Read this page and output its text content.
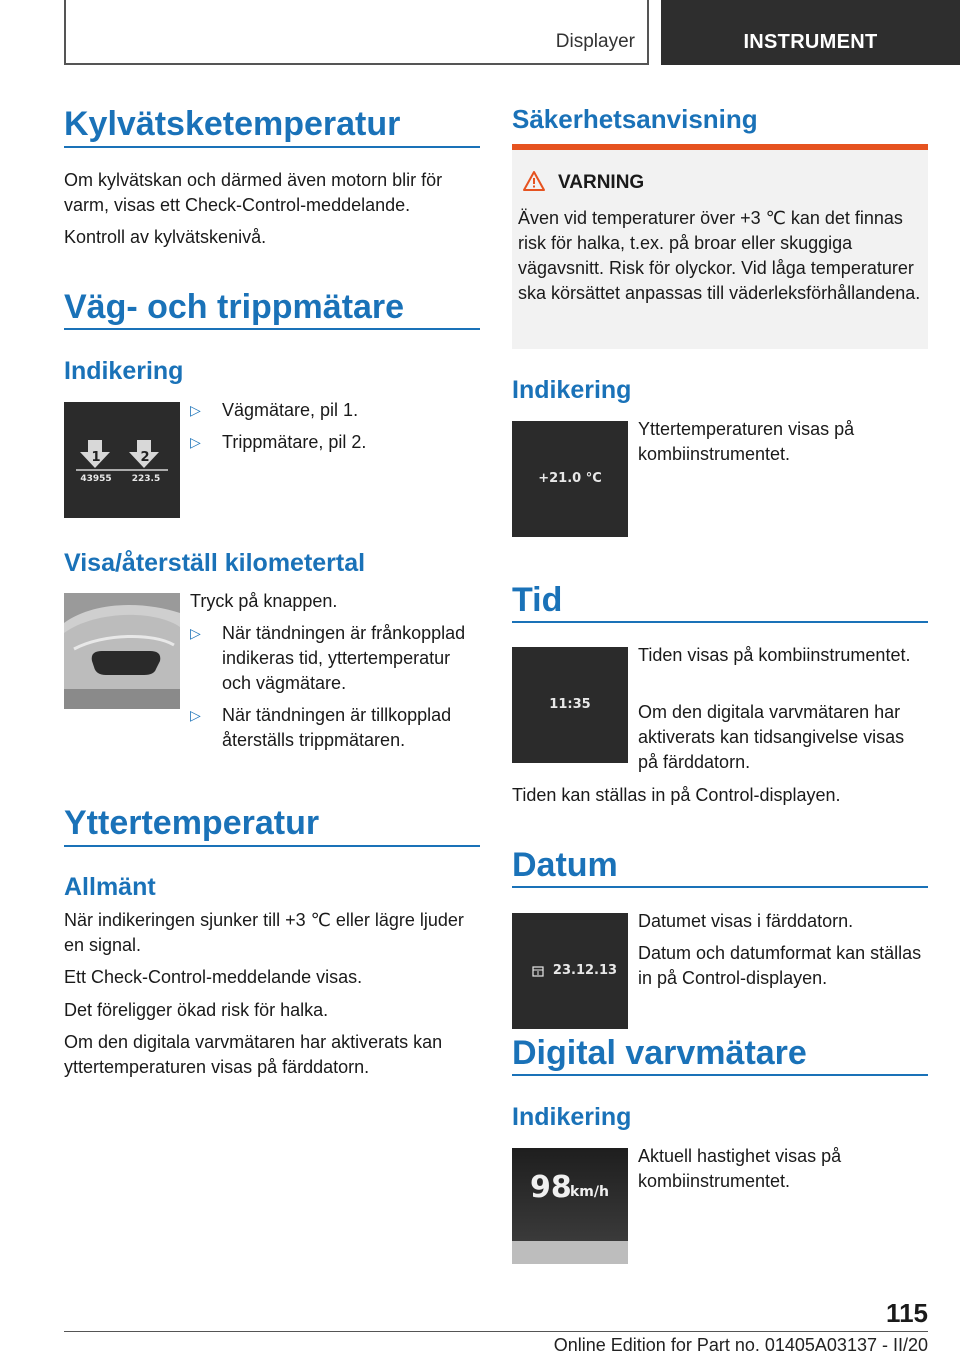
Displayer	INSTRUMENT
Kylvätsketemperatur
Om kylvätskan och därmed även motorn blir för varm, visas ett Check-Control-meddelande.
Kontroll av kylvätskenivå.
Väg- och trippmätare
Indikering
1	2
43955	223.5
▷ Vägmätare, pil 1.
▷ Trippmätare, pil 2.
Visa/återställ kilometertal
Tryck på knappen.
▷ När tändningen är frånkopplad indikeras tid, yttertemperatur och vägmätare.
▷ När tändningen är tillkopplad återställs trippmätaren.
Yttertemperatur
Allmänt
När indikeringen sjunker till +3 ℃ eller lägre ljuder en signal.
Ett Check-Control-meddelande visas.
Det föreligger ökad risk för halka.
Om den digitala varvmätaren har aktiverats kan yttertemperaturen visas på färddatorn.
Säkerhetsanvisning
VARNING
Även vid temperaturer över +3 ℃ kan det finnas risk för halka, t.ex. på broar eller skuggiga vägavsnitt. Risk för olyckor. Vid låga temperaturer ska körsättet anpassas till väderleksförhållandena.
Indikering
+21.0 °C
Yttertemperaturen visas på kombiinstrumentet.
Tid
11:35
Tiden visas på kombiinstrumentet.
Om den digitala varvmätaren har aktiverats kan tidsangivelse visas på färddatorn.
Tiden kan ställas in på Control-displayen.
Datum
23.12.13
Datumet visas i färddatorn.
Datum och datumformat kan ställas in på Control-displayen.
Digital varvmätare
Indikering
98
km/h
Aktuell hastighet visas på kombiinstrumentet.
115
Online Edition for Part no. 01405A03137 - II/20
